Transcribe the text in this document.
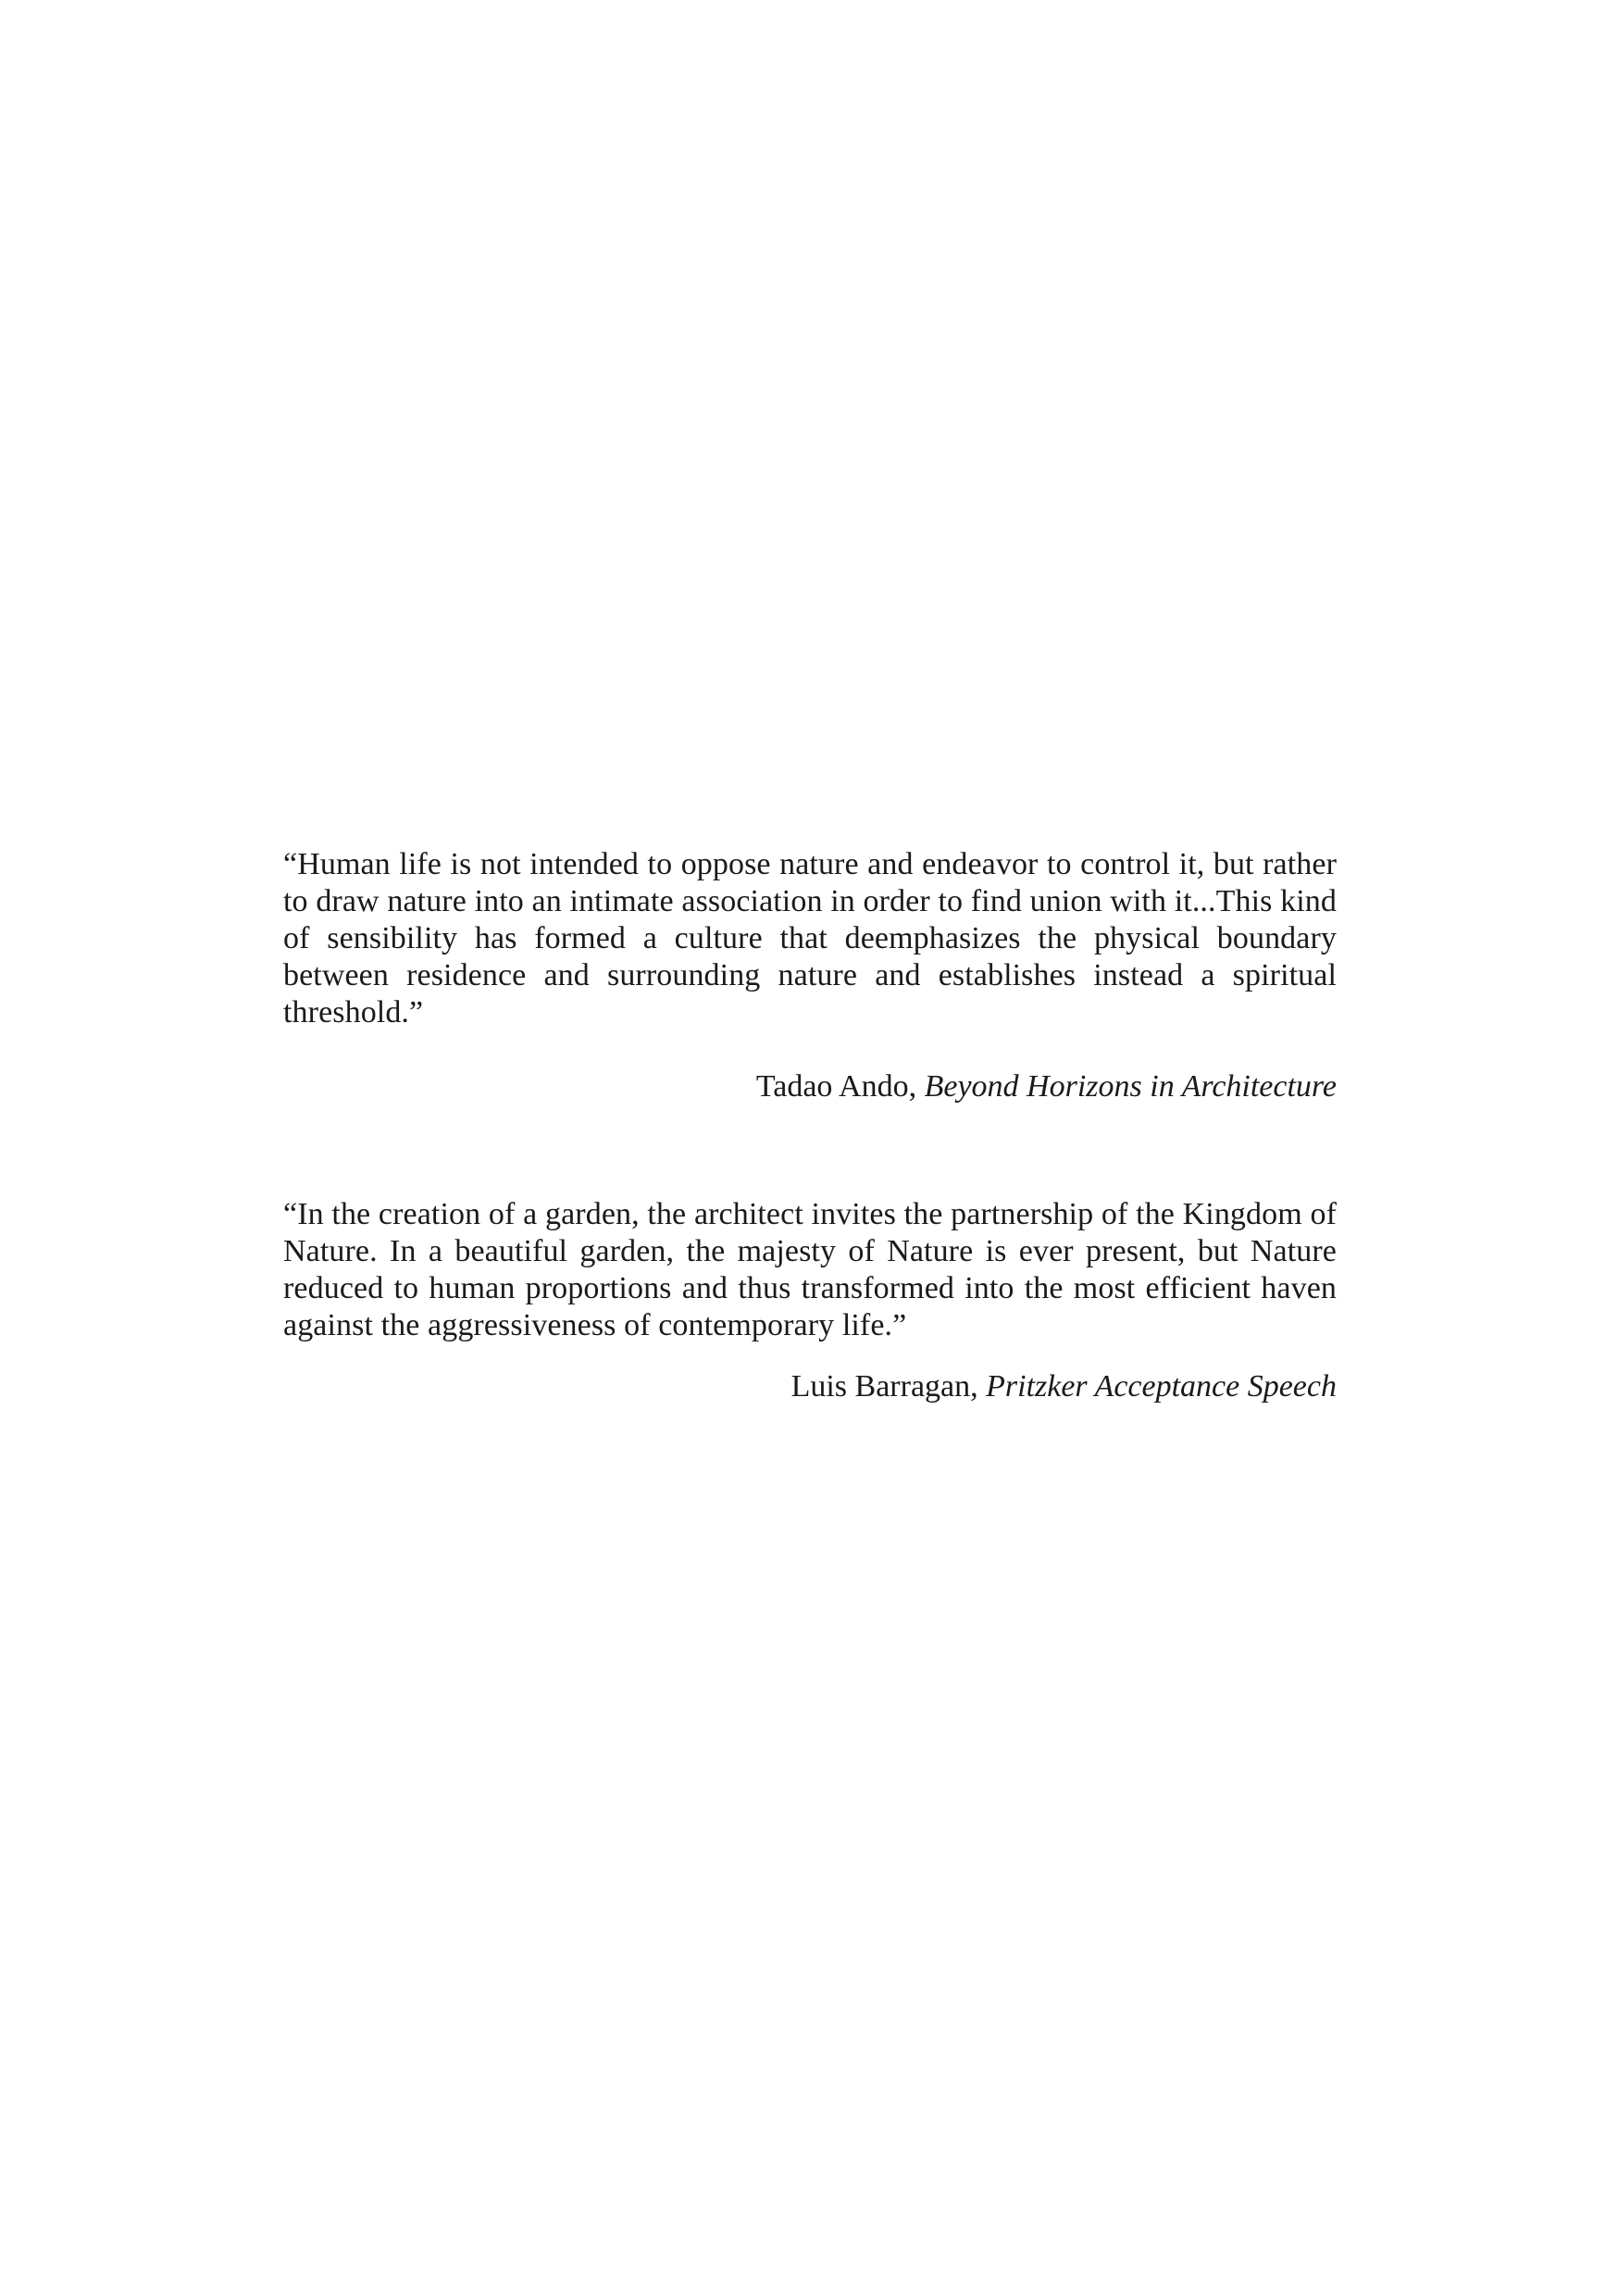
“Human life is not intended to oppose nature and endeavor to control it, but rather to draw nature into an intimate association in order to find union with it...This kind of sensibility has formed a culture that deemphasizes the physical boundary between residence and surrounding nature and establishes instead a spiritual threshold.”

Tadao Ando, Beyond Horizons in Architecture

“In the creation of a garden, the architect invites the partnership of the Kingdom of Nature. In a beautiful garden, the majesty of Nature is ever present, but Nature reduced to human proportions and thus transformed into the most efficient haven against the aggressiveness of contemporary life.”

Luis Barragan, Pritzker Acceptance Speech
